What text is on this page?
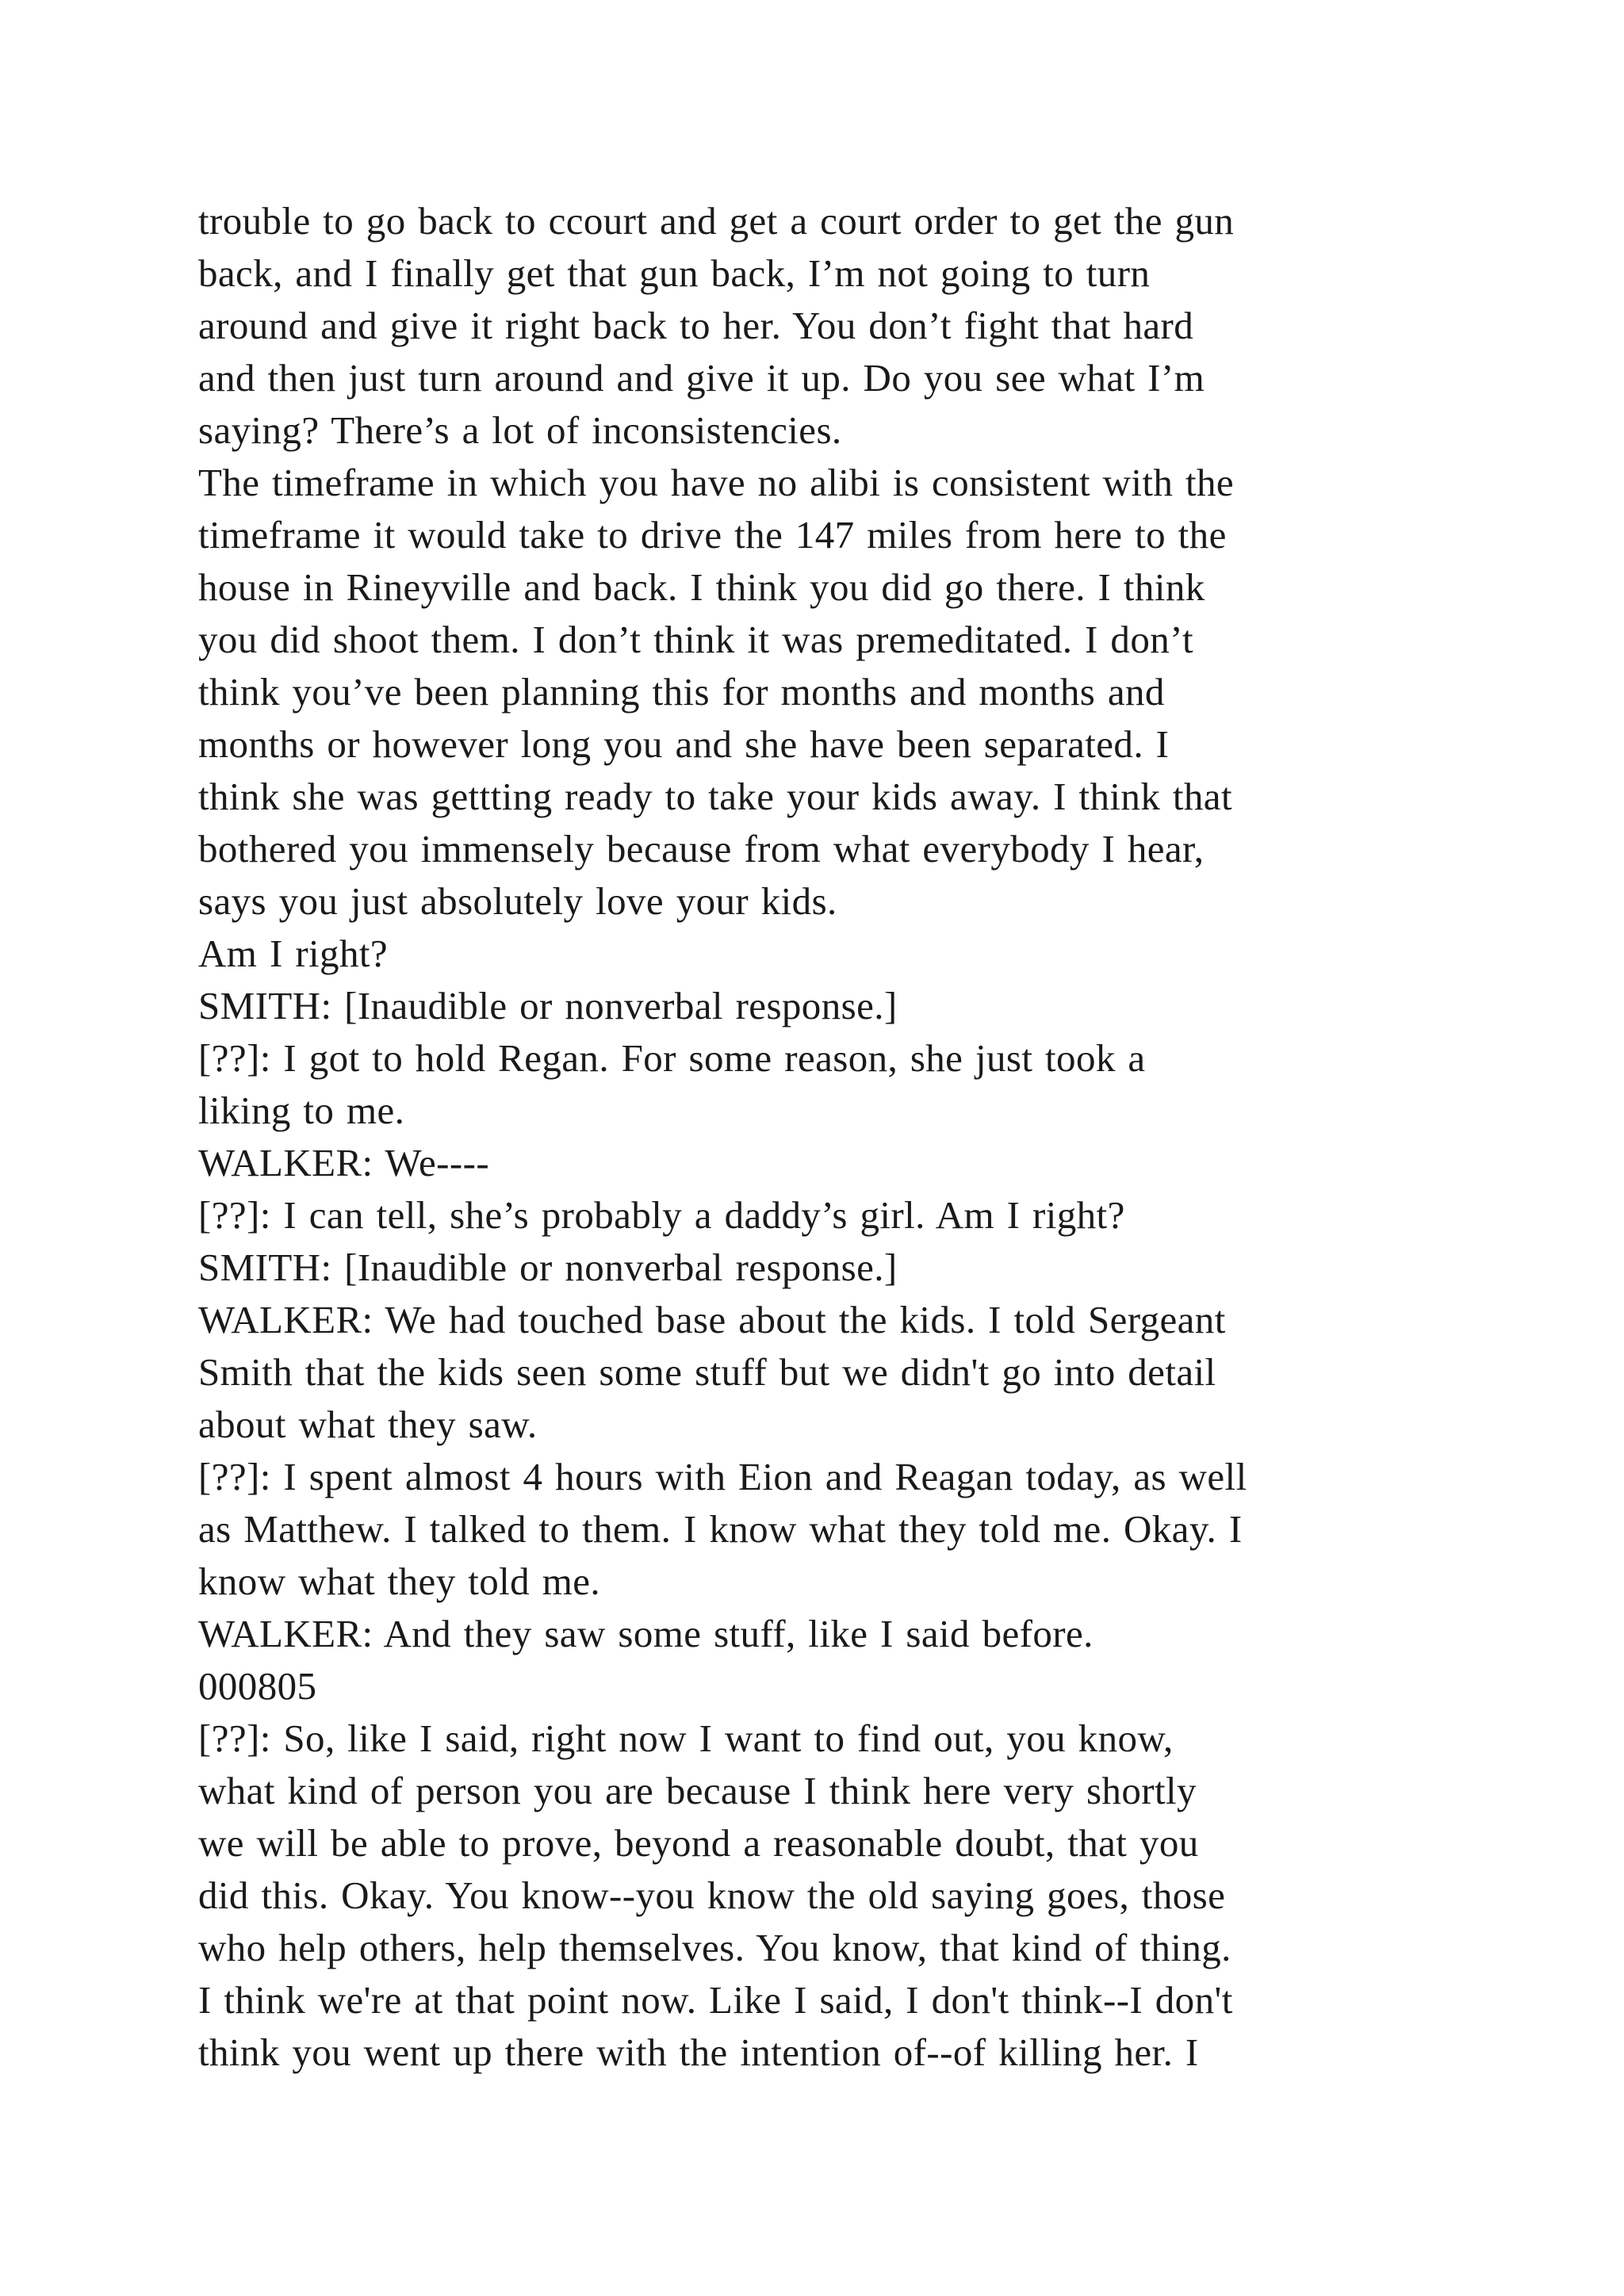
trouble to go back to ccourt and get a court order to get the gun
back, and I finally get that gun back, I’m not going to turn
around and give it right back to her. You don’t fight that hard
and then just turn around and give it up. Do you see what I’m
saying? There’s a lot of inconsistencies.
The timeframe in which you have no alibi is consistent with the
timeframe it would take to drive the 147 miles from here to the
house in Rineyville and back. I think you did go there. I think
you did shoot them. I don’t think it was premeditated. I don’t
think you’ve been planning this for months and months and
months or however long you and she have been separated. I
think she was gettting ready to take your kids away. I think that
bothered you immensely because from what everybody I hear,
says you just absolutely love your kids.
Am I right?
SMITH: [Inaudible or nonverbal response.]
[??]: I got to hold Regan. For some reason, she just took a
liking to me.
WALKER: We----
[??]: I can tell, she’s probably a daddy’s girl. Am I right?
SMITH: [Inaudible or nonverbal response.]
WALKER: We had touched base about the kids. I told Sergeant
Smith that the kids seen some stuff but we didn't go into detail
about what they saw.
[??]: I spent almost 4 hours with Eion and Reagan today, as well
as Matthew. I talked to them. I know what they told me. Okay. I
know what they told me.
WALKER: And they saw some stuff, like I said before.
000805
[??]: So, like I said, right now I want to find out, you know,
what kind of person you are because I think here very shortly
we will be able to prove, beyond a reasonable doubt, that you
did this. Okay. You know--you know the old saying goes, those
who help others, help themselves. You know, that kind of thing.
I think we're at that point now. Like I said, I don't think--I don't
think you went up there with the intention of--of killing her. I
